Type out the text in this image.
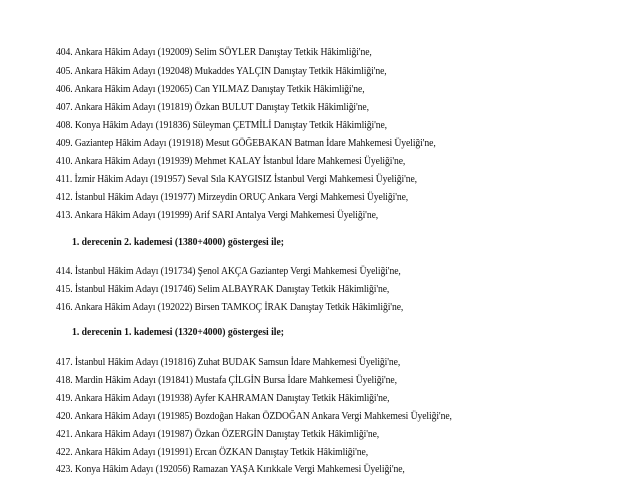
404. Ankara Hâkim Adayı (192009) Selim SÖYLER Danıştay Tetkik Hâkimliği'ne,
405. Ankara Hâkim Adayı (192048) Mukaddes YALÇIN Danıştay Tetkik Hâkimliği'ne,
406. Ankara Hâkim Adayı (192065) Can YILMAZ Danıştay Tetkik Hâkimliği'ne,
407. Ankara Hâkim Adayı (191819) Özkan BULUT Danıştay Tetkik Hâkimliği'ne,
408. Konya Hâkim Adayı (191836) Süleyman ÇETMİLİ Danıştay Tetkik Hâkimliği'ne,
409. Gaziantep Hâkim Adayı (191918) Mesut GÖĞEBAKAN Batman İdare Mahkemesi Üyeliği'ne,
410. Ankara Hâkim Adayı (191939) Mehmet KALAY İstanbul İdare Mahkemesi Üyeliği'ne,
411. İzmir Hâkim Adayı (191957) Seval Sıla KAYGISIZ İstanbul Vergi Mahkemesi Üyeliği'ne,
412. İstanbul Hâkim Adayı (191977) Mirzeydin ORUÇ Ankara Vergi Mahkemesi Üyeliği'ne,
413. Ankara Hâkim Adayı (191999) Arif SARI Antalya Vergi Mahkemesi Üyeliği'ne,
1. derecenin 2. kademesi (1380+4000) göstergesi ile;
414. İstanbul Hâkim Adayı (191734) Şenol AKÇA Gaziantep Vergi Mahkemesi Üyeliği'ne,
415. İstanbul Hâkim Adayı (191746) Selim ALBAYRAK Danıştay Tetkik Hâkimliği'ne,
416. Ankara Hâkim Adayı (192022) Birsen TAMKOÇ İRAK Danıştay Tetkik Hâkimliği'ne,
1. derecenin 1. kademesi (1320+4000) göstergesi ile;
417. İstanbul Hâkim Adayı (191816) Zuhat BUDAK Samsun İdare Mahkemesi Üyeliği'ne,
418. Mardin Hâkim Adayı (191841) Mustafa ÇİLGİN Bursa İdare Mahkemesi Üyeliği'ne,
419. Ankara Hâkim Adayı (191938) Ayfer KAHRAMAN Danıştay Tetkik Hâkimliği'ne,
420. Ankara Hâkim Adayı (191985) Bozdoğan Hakan ÖZDOĞAN Ankara Vergi Mahkemesi Üyeliği'ne,
421. Ankara Hâkim Adayı (191987) Özkan ÖZERGİN Danıştay Tetkik Hâkimliği'ne,
422. Ankara Hâkim Adayı (191991) Ercan ÖZKAN Danıştay Tetkik Hâkimliği'ne,
423. Konya Hâkim Adayı (192056) Ramazan YAŞA Kırıkkale Vergi Mahkemesi Üyeliği'ne,
